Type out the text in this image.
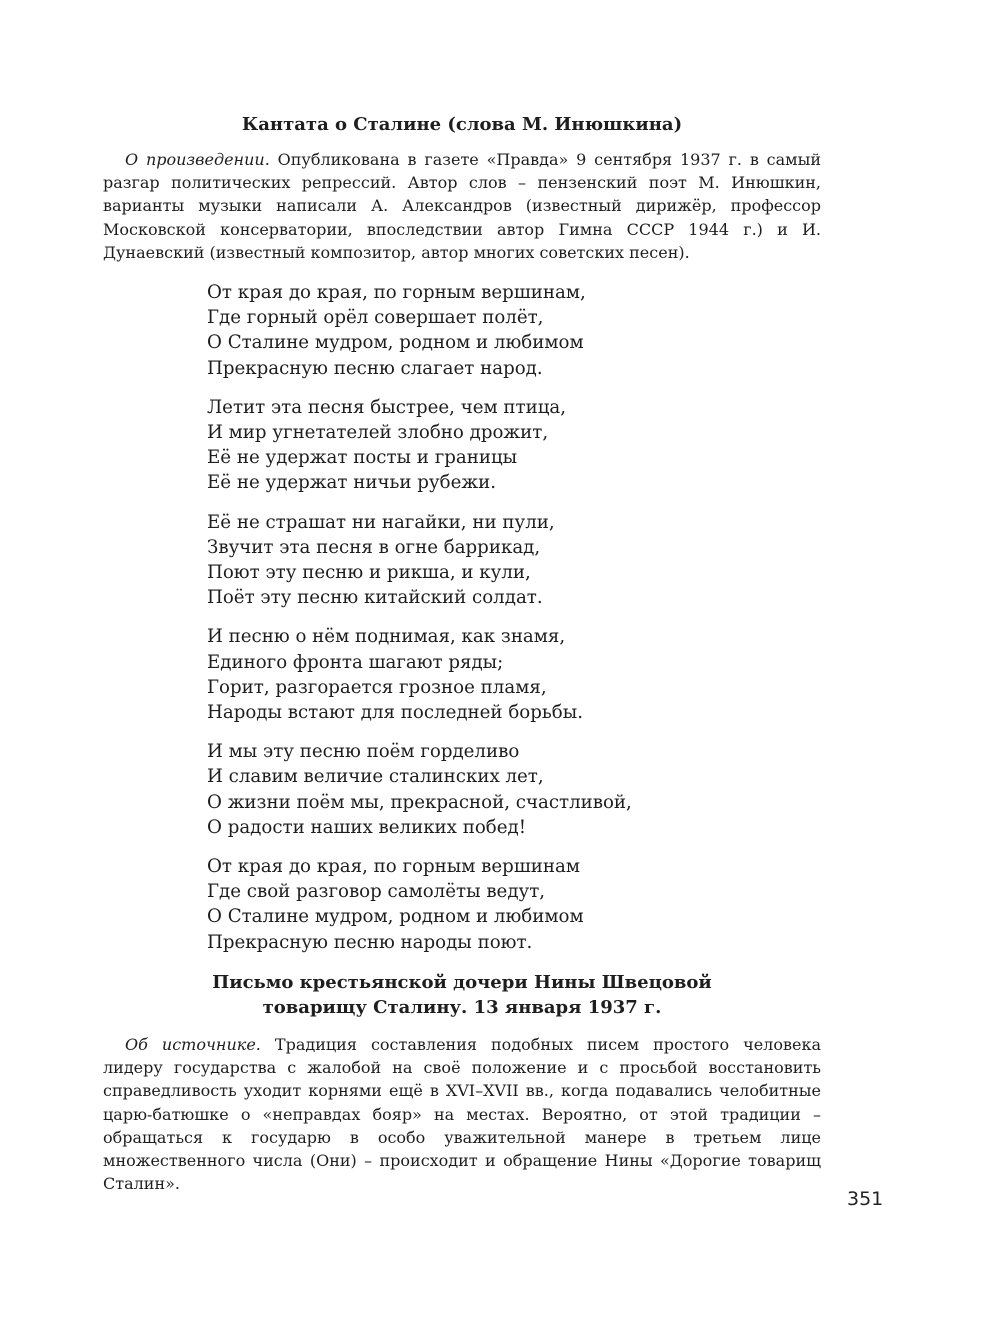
Кантата о Сталине (слова М. Инюшкина)

О произведении. Опубликована в газете «Правда» 9 сентября 1937 г. в самый разгар политических репрессий. Автор слов – пензенский поэт М. Инюшкин, варианты музыки написали А. Александров (известный дирижёр, профессор Московской консерватории, впоследствии автор Гимна СССР 1944 г.) и И. Дунаевский (известный композитор, автор многих советских песен).

От края до края, по горным вершинам,
Где горный орёл совершает полёт,
О Сталине мудром, родном и любимом
Прекрасную песню слагает народ.
Летит эта песня быстрее, чем птица,
И мир угнетателей злобно дрожит,
Её не удержат посты и границы
Её не удержат ничьи рубежи.
Её не страшат ни нагайки, ни пули,
Звучит эта песня в огне баррикад,
Поют эту песню и рикша, и кули,
Поёт эту песню китайский солдат.
И песню о нём поднимая, как знамя,
Единого фронта шагают ряды;
Горит, разгорается грозное пламя,
Народы встают для последней борьбы.
И мы эту песню поём горделиво
И славим величие сталинских лет,
О жизни поём мы, прекрасной, счастливой,
О радости наших великих побед!
От края до края, по горным вершинам
Где свой разговор самолёты ведут,
О Сталине мудром, родном и любимом
Прекрасную песню народы поют.
Письмо крестьянской дочери Нины Швецовой
товарищу Сталину. 13 января 1937 г.

Об источнике. Традиция составления подобных писем простого человека лидеру государства с жалобой на своё положение и с просьбой восстановить справедливость уходит корнями ещё в XVI–XVII вв., когда подавались челобитные царю-батюшке о «неправдах бояр» на местах. Вероятно, от этой традиции – обращаться к государю в особо уважительной манере в третьем лице множественного числа (Они) – происходит и обращение Нины «Дорогие товарищ Сталин».

351
